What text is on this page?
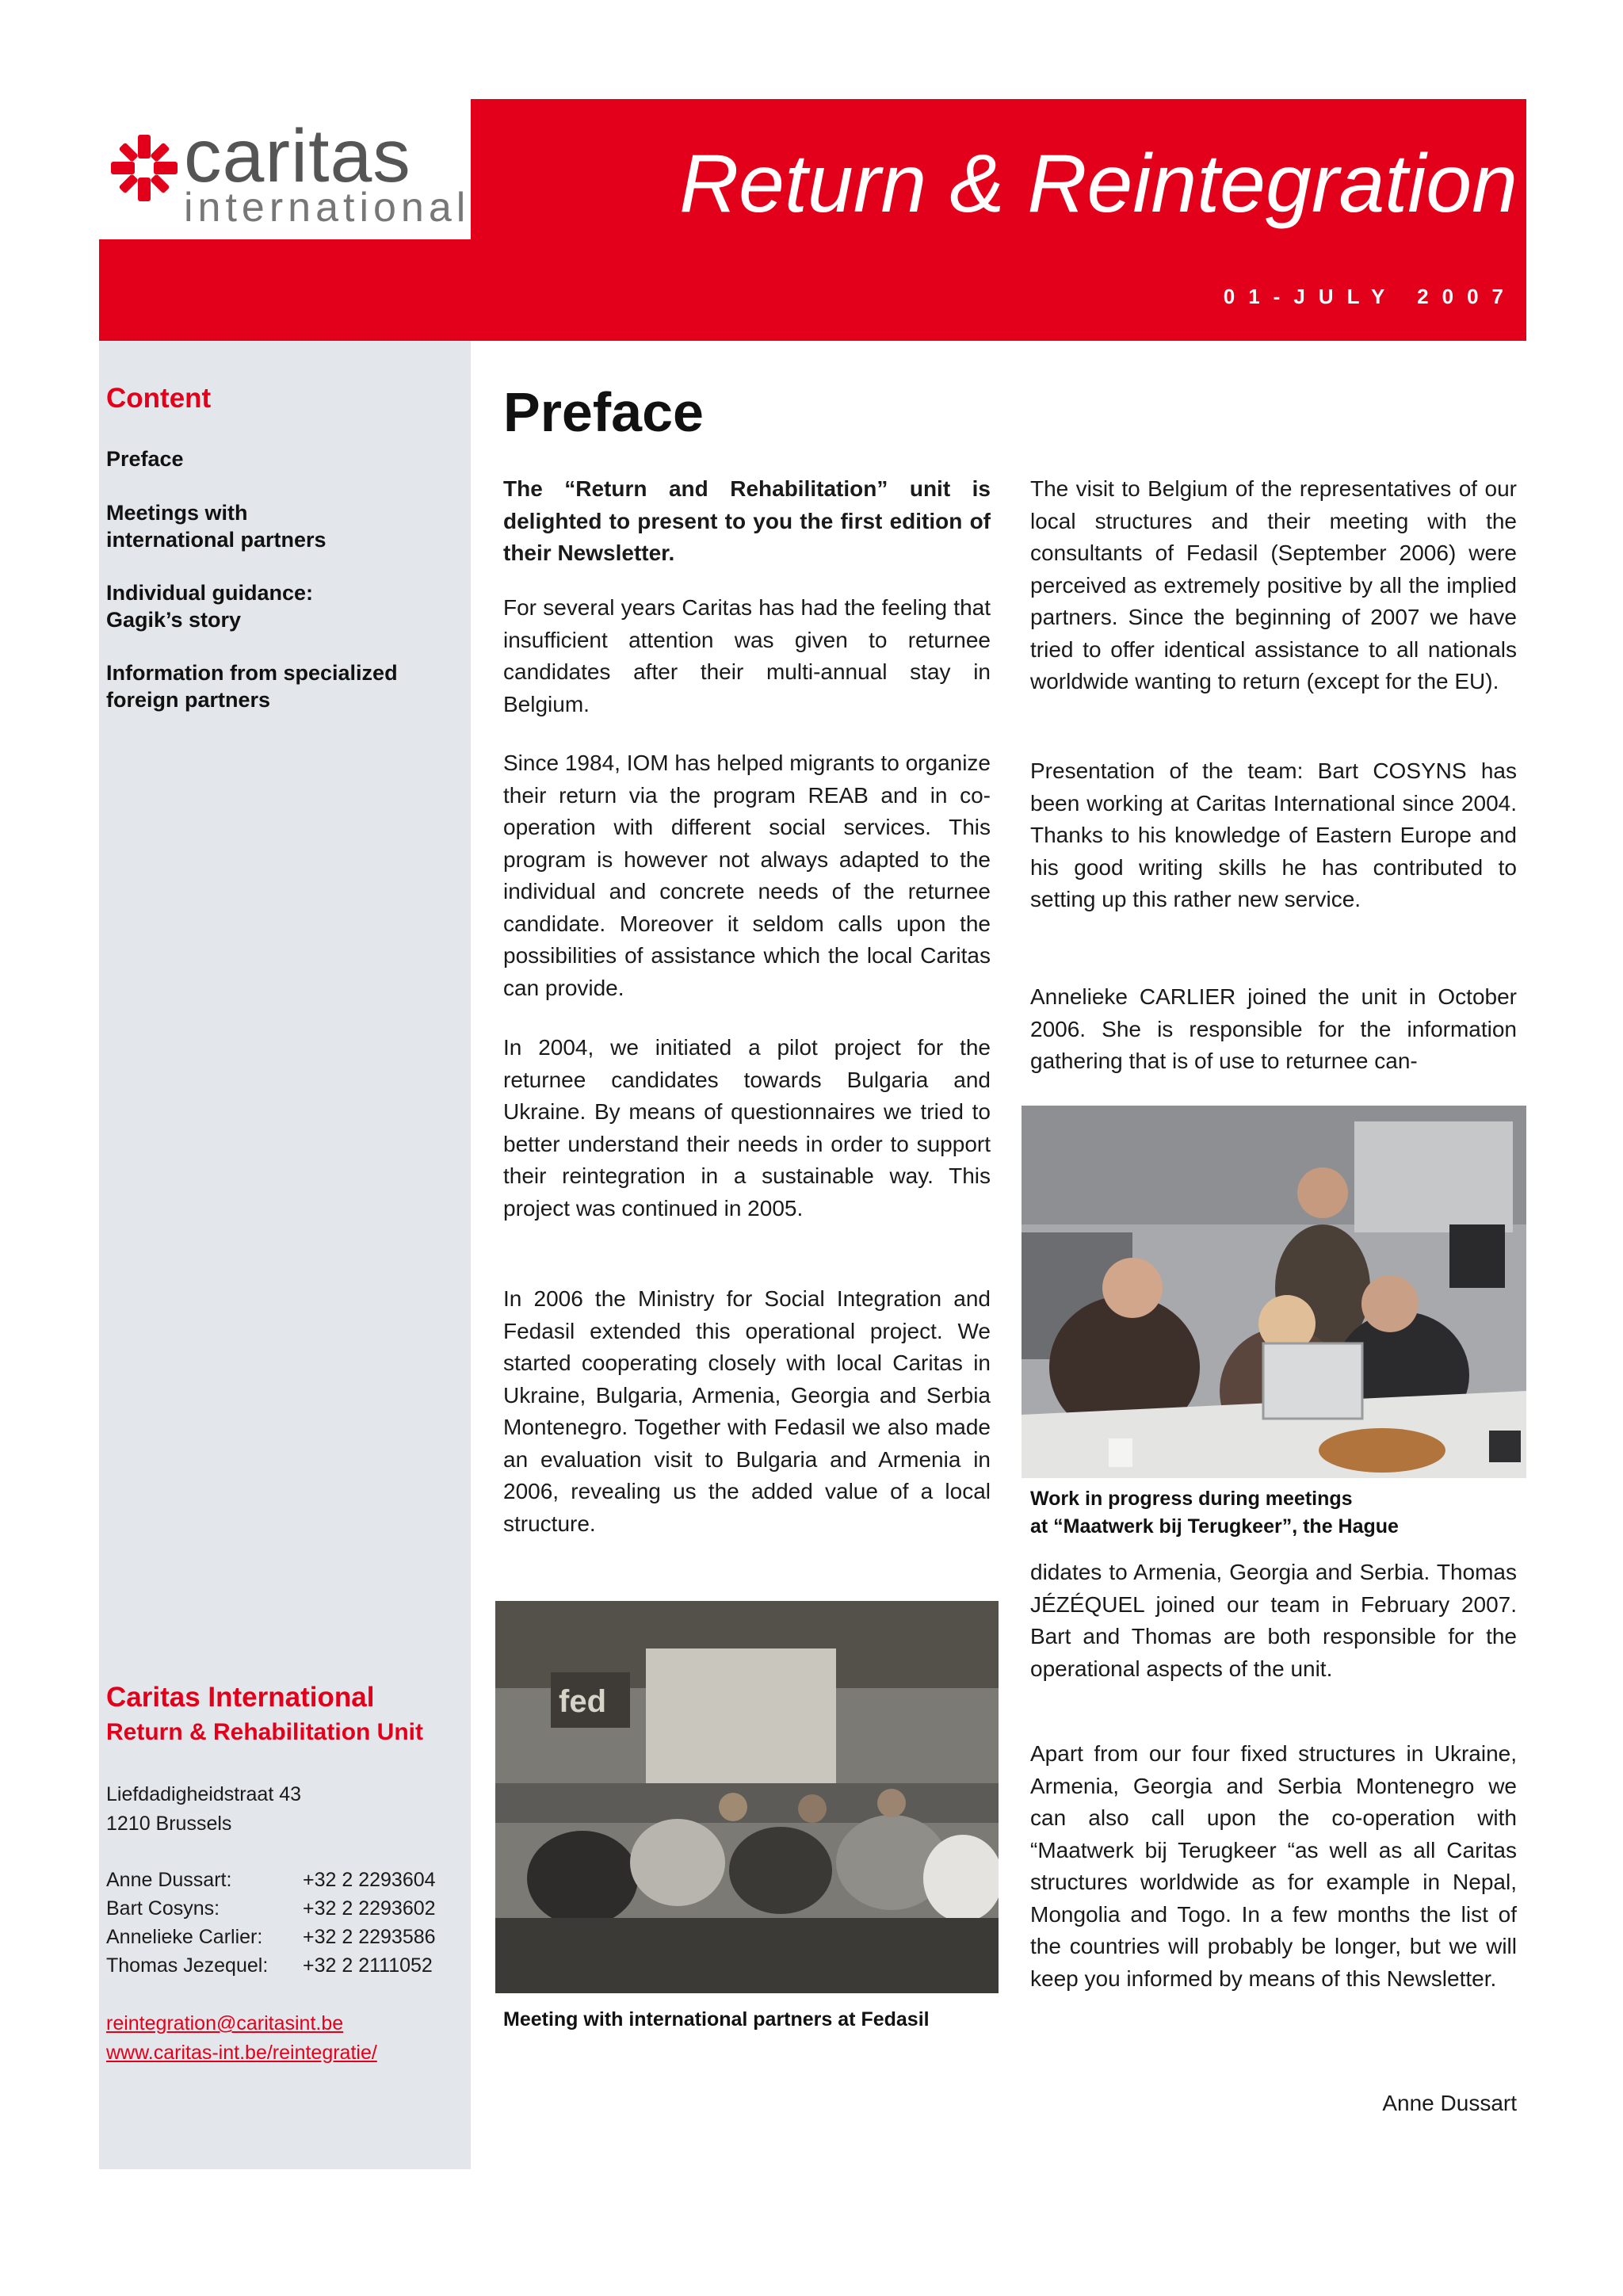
caritas
international	Return & Reintegration
01-JULY 2007
Content
Preface
Meetings with
international partners
Individual guidance:
Gagik’s story
Information from specialized
foreign partners
Caritas International
Return & Rehabilitation Unit
Liefdadigheidstraat 43
1210 Brussels
Anne Dussart:	+32 2 2293604
Bart Cosyns:	+32 2 2293602
Annelieke Carlier: +32 2 2293586
Thomas Jezequel: +32 2 2111052
reintegration@caritasint.be
www.caritas-int.be/reintegratie/
Preface

The “Return and Rehabilitation” unit is delighted to present to you the first edition of their Newsletter.

For several years Caritas has had the feeling that insufficient attention was given to returnee candidates after their multi-annual stay in Belgium.

Since 1984, IOM has helped migrants to organize their return via the program REAB and in co-operation with different social services. This program is however not always adapted to the individual and concrete needs of the returnee candidate. Moreover it seldom calls upon the possibilities of assistance which the local Caritas can provide.

In 2004, we initiated a pilot project for the returnee candidates towards Bulgaria and Ukraine. By means of questionnaires we tried to better understand their needs in order to support their reintegration in a sustainable way. This project was continued in 2005.

In 2006 the Ministry for Social Integration and Fedasil extended this operational project. We started cooperating closely with local Caritas in Ukraine, Bulgaria, Armenia, Georgia and Serbia Montenegro. Together with Fedasil we also made an evaluation visit to Bulgaria and Armenia in 2006, revealing us the added value of a local structure.

The visit to Belgium of the representatives of our local structures and their meeting with the consultants of Fedasil (September 2006) were perceived as extremely positive by all the implied partners. Since the beginning of 2007 we have tried to offer identical assistance to all nationals worldwide wanting to return (except for the EU).

Presentation of the team: Bart COSYNS has been working at Caritas International since 2004. Thanks to his knowledge of Eastern Europe and his good writing skills he has contributed to setting up this rather new service.

Annelieke CARLIER joined the unit in October 2006. She is responsible for the information gathering that is of use to returnee can-

Work in progress during meetings
at “Maatwerk bij Terugkeer”, the Hague

didates to Armenia, Georgia and Serbia. Thomas JÉZÉQUEL joined our team in February 2007. Bart and Thomas are both responsible for the operational aspects of the unit.

Apart from our four fixed structures in Ukraine, Armenia, Georgia and Serbia Montenegro we can also call upon the co-operation with “Maatwerk bij Terugkeer “as well as all Caritas structures worldwide as for example in Nepal, Mongolia and Togo. In a few months the list of the countries will probably be longer, but we will keep you informed by means of this Newsletter.

fed
Meeting with international partners at Fedasil
Anne Dussart
